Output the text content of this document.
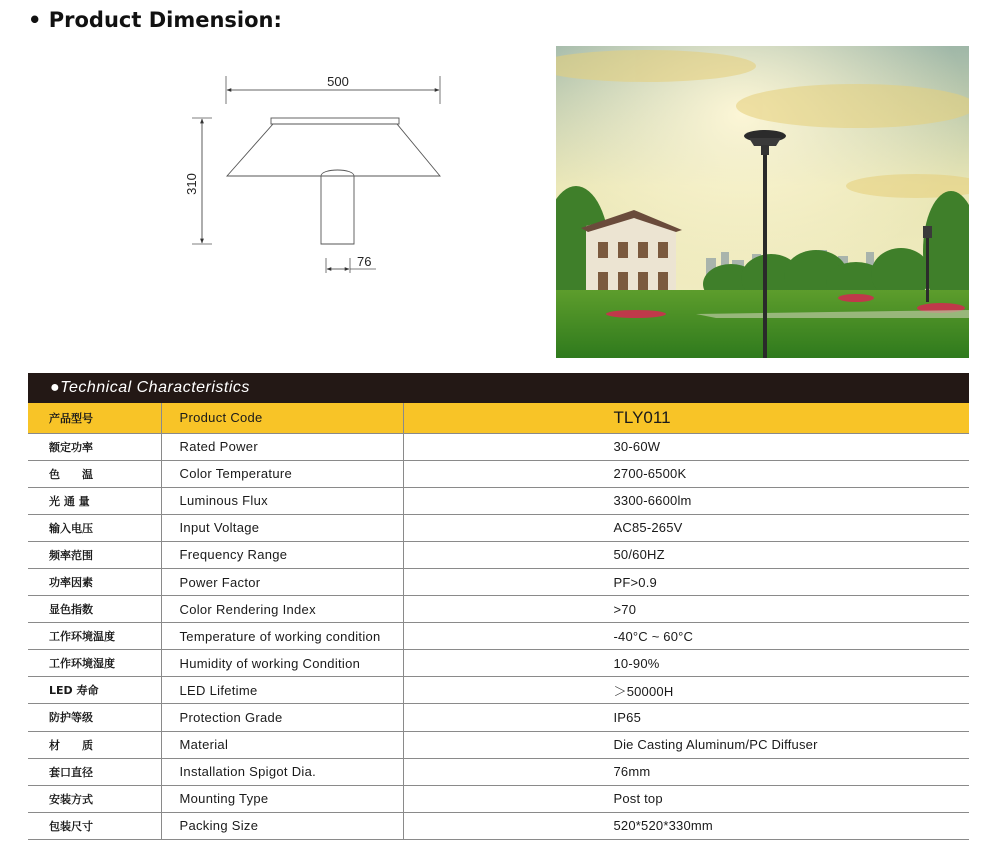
• Product Dimension:
500
310
76
●Technical Characteristics
产品型号	Product Code	TLY011
额定功率	Rated Power	30-60W
色　　温	Color Temperature	2700-6500K
光 通 量	Luminous Flux	3300-6600lm
输入电压	Input Voltage	AC85-265V
频率范围	Frequency Range	50/60HZ
功率因素	Power Factor	PF>0.9
显色指数	Color Rendering Index	>70
工作环境温度	Temperature of working condition	-40°C ~ 60°C
工作环境湿度	Humidity of working Condition	10-90%
LED 寿命	LED Lifetime	＞50000H
防护等级	Protection Grade	IP65
材　　质	Material	Die Casting Aluminum/PC Diffuser
套口直径	Installation Spigot Dia.	76mm
安装方式	Mounting Type	Post top
包装尺寸	Packing Size	520*520*330mm
